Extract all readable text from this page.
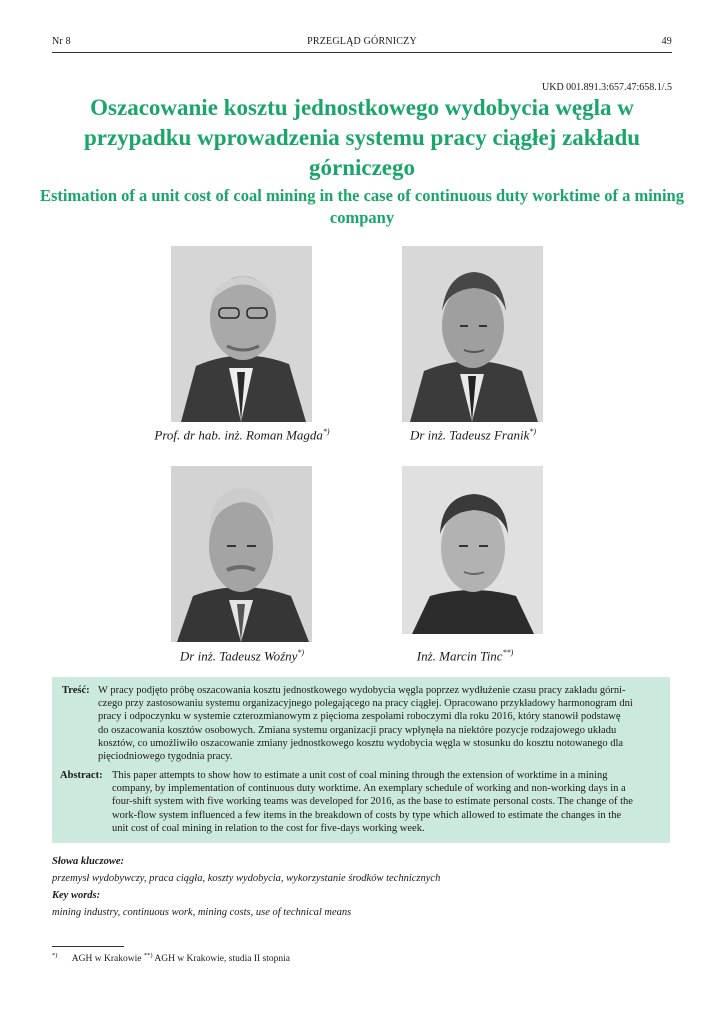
Nr 8	PRZEGLĄD GÓRNICZY	49
UKD 001.891.3:657.47:658.1/.5
Oszacowanie kosztu jednostkowego wydobycia węgla w przypadku wprowadzenia systemu pracy ciągłej zakładu górniczego
Estimation of a unit cost of coal mining in the case of continuous duty worktime of a mining company
Prof. dr hab. inż. Roman Magda*)	Dr inż. Tadeusz Franik*)
Dr inż. Tadeusz Woźny*)	Inż. Marcin Tinc**)
Treść: W pracy podjęto próbę oszacowania kosztu jednostkowego wydobycia węgla poprzez wydłużenie czasu pracy zakładu górni-
czego przy zastosowaniu systemu organizacyjnego polegającego na pracy ciągłej. Opracowano przykładowy harmonogram dni
pracy i odpoczynku w systemie czterozmianowym z pięcioma zespołami roboczymi dla roku 2016, który stanowił podstawę
do oszacowania kosztów osobowych. Zmiana systemu organizacji pracy wpłynęła na niektóre pozycje rodzajowego układu
kosztów, co umożliwiło oszacowanie zmiany jednostkowego kosztu wydobycia węgla w stosunku do kosztu notowanego dla
pięciodniowego tygodnia pracy.
Abstract: This paper attempts to show how to estimate a unit cost of coal mining through the extension of worktime in a mining
company, by implementation of continuous duty worktime. An exemplary schedule of working and non-working days in a
four-shift system with five working teams was developed for 2016, as the base to estimate personal costs. The change of the
work-flow system influenced a few items in the breakdown of costs by type which allowed to estimate the changes in the
unit cost of coal mining in relation to the cost for five-days working week.
Słowa kluczowe:
przemysł wydobywczy, praca ciągła, koszty wydobycia, wykorzystanie środków technicznych
Key words:
mining industry, continuous work, mining costs, use of technical means
*) AGH w Krakowie **) AGH w Krakowie, studia II stopnia
